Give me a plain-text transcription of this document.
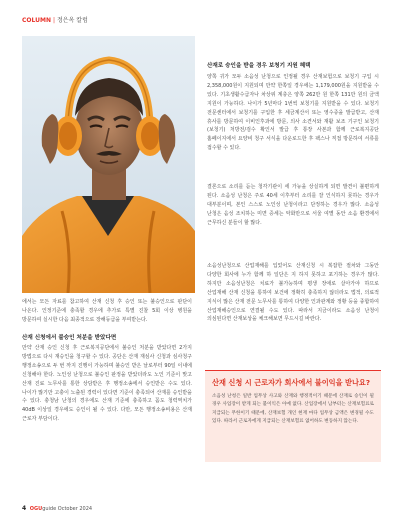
COLUMN | 정은옥 칼럼
에서는 모든 자료를 참고하여 산재 신청 후 승인 또는 불승인으로 판단이 나온다. 인정기준에 충족할 경우에 추가로 특별 진찰 5회 이상 병원을 방문하여 실시한 다음 최종적으로 장해등급을 부여받는다.
산재 신청에서 불승인 처분을 받았다면
만약 산재 승인 신청 후 근로복지공단에서 불승인 처분을 받았다면 2가지 방법으로 다시 재승인을 청구할 수 있다. 공단은 산재 재심사 신청과 심사청구 행정소송으로 두 번 까지 진행이 가능하며 불승인 받은 날로부터 90일 이내에 신청해야 한다. 노인성 난청으로 불승인 판정을 받았더라도 노인 기준이 맞고 산재 진료 노무사를 통한 상담받은 후 행정소송에서 승인받은 수도 있다. 나이가 많기만 고충이 노출된 경력이 있다면 기준이 충족되어 산재를 승인받을 수 있다. 충청남 난청의 경우에도 산재 기준에 충족하고 꼼도 청력역치가 40dB 이상일 경우에도 승인이 될 수 있다. 다만, 모든 행정소송비용은 산재 근로자 부담이다.
산재로 승인을 받을 경우 보청기 지원 혜택
양쪽 귀가 모두 소음성 난청으로 인정될 경우 산재보험으로 보청기 구입 시 2,358,000원이 지원되며 만약 한쪽일 경우에는 1,179,000원을 지원받을 수 있다. 기초생활수급자나 차상위 계층은 양쪽 262만 원 한쪽 131만 원의 금액 지원이 가능하다. 나이가 5년마다 1번씩 보청기를 지원받을 수 있다. 보청기 전문센터에서 보청기를 구입한 후 세금계산서 또는 영수증을 발급받고, 산재 휴사를 방문하여 이비인후과에 방문, 의사 소견서와 재활 보조 기구인 보청기(보청기) 처방전/검수 확인서 발급 후 통장 사본과 함께 근로복지공단 홈페이지에서 요양비 청구 서식을 다운로드한 후 팩스나 직접 방문하여 서류를 접수할 수 있다.
결론으로 소리를 듣는 청각기관이 세 가능을 상실하게 되면 발견이 불편하게 된다. 소음성 난청은 주로 40세 이후부터 소리를 잘 인식하지 못하는 경우가 대부분이며, 본인 스스로 노인성 난청이라고 단정하는 경우가 많다. 소음성 난청은 음성 조치하는 미면 증세는 악화만으로 서울 여별 동안 소음 환경에서 근무하신 분들이 할 많다.
소음성난청으로 산업재해를 입었어도 산재신청 시 복잡한 절차와 그동안 다양한 회사에 누가 함께 하 일단은 지 하지 못하고 포기하는 경우가 많다. 하지만 소음성난청은 치료가 불가능하며 평생 장애로 살아가야 하므로 산업재해 산재 신청을 통하여 보건에 정확히 충족하지 않더라도 법적, 의료적 지식이 많은 산재 전문 노무사를 통하여 다양한 인과관계와 정황 등을 종합하여 산업재해승인으로 연결될 수도 있다. 따라서 지금이라도 소음성 난청이 의심된다면 산재보상을 체크해보면 무드시길 바란다.
산재 신청 시 근로자가 회사에서 불이익을 받나요?
소음성 난청은 일반 업무상 사고와 산재와 행정적이기 때문에 산재로 승인이 될 경우 사업장이 받게 되는 불이익은 아예 없다. 산업장에서 남부터는 산재보험료로 지급되는 무한이기 때문에, 산재보험 개인 현재 마다 업무상 금액은 변경될 수도 있다. 따라서 근로자에게 지급되는 산재보험료 없어하도 변동하지 않는다.
4 OGUguide October 2024
